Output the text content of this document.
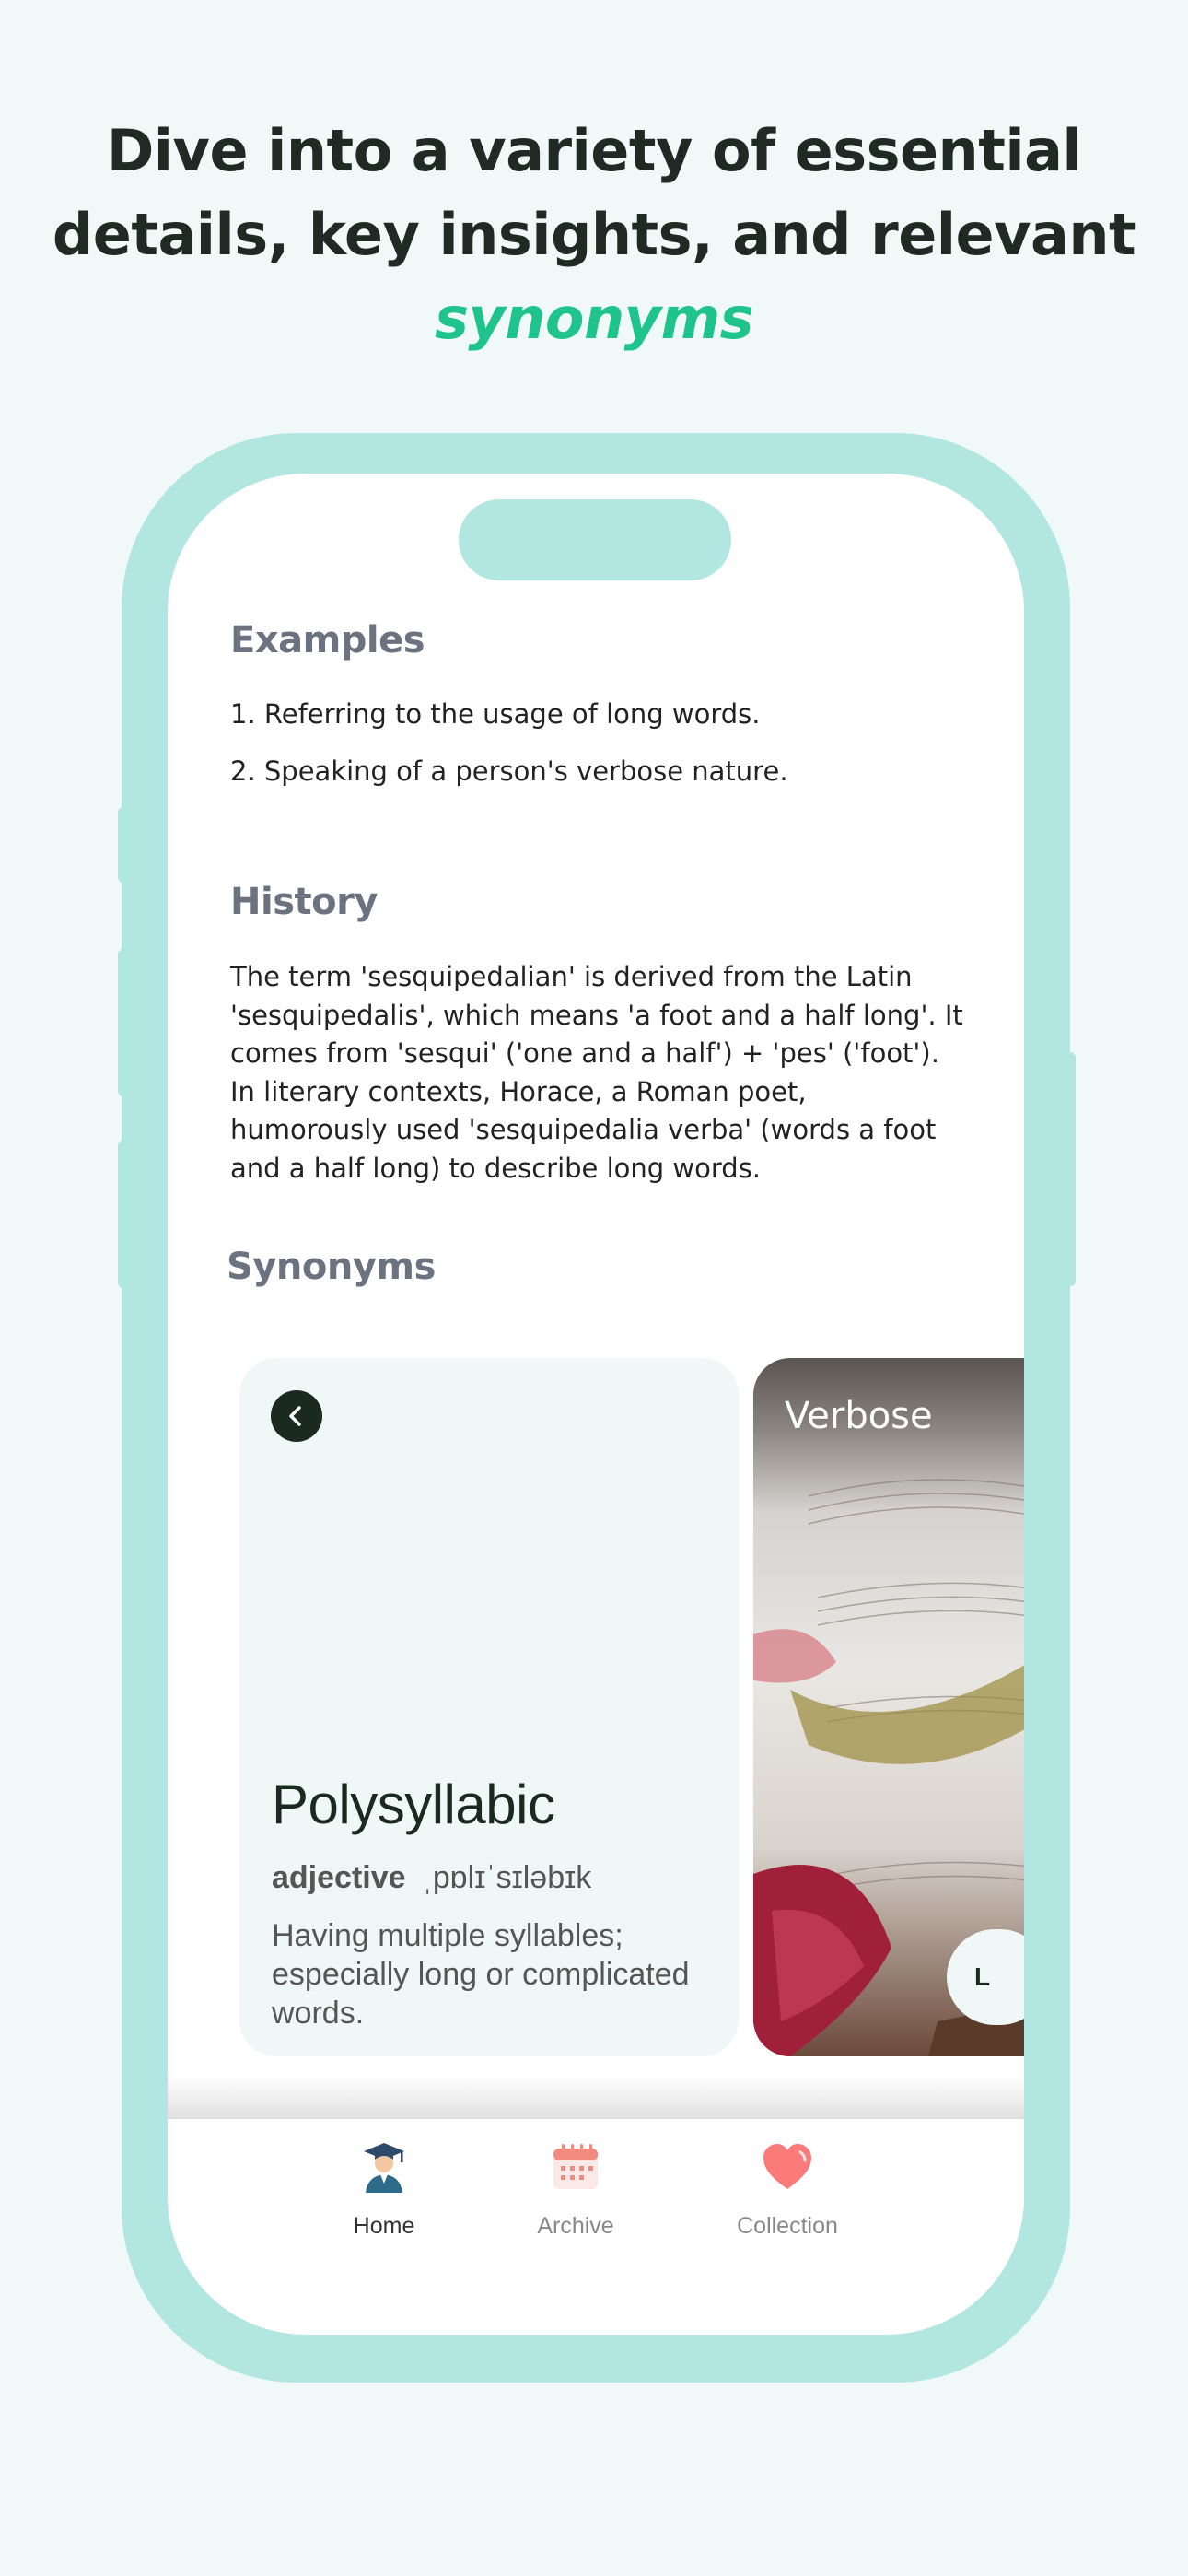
Dive into a variety of essential
details, key insights, and relevant
synonyms
Examples
1. Referring to the usage of long words.
2. Speaking of a person's verbose nature.
History
The term 'sesquipedalian' is derived from the Latin 'sesquipedalis', which means 'a foot and a half long'. It comes from 'sesqui' ('one and a half') + 'pes' ('foot'). In literary contexts, Horace, a Roman poet, humorously used 'sesquipedalia verba' (words a foot and a half long) to describe long words.
Synonyms
Polysyllabic
adjective ˌpɒlɪˈsɪləbɪk
Having multiple syllables; especially long or complicated words.
Verbose
L
Home	Archive	Collection
